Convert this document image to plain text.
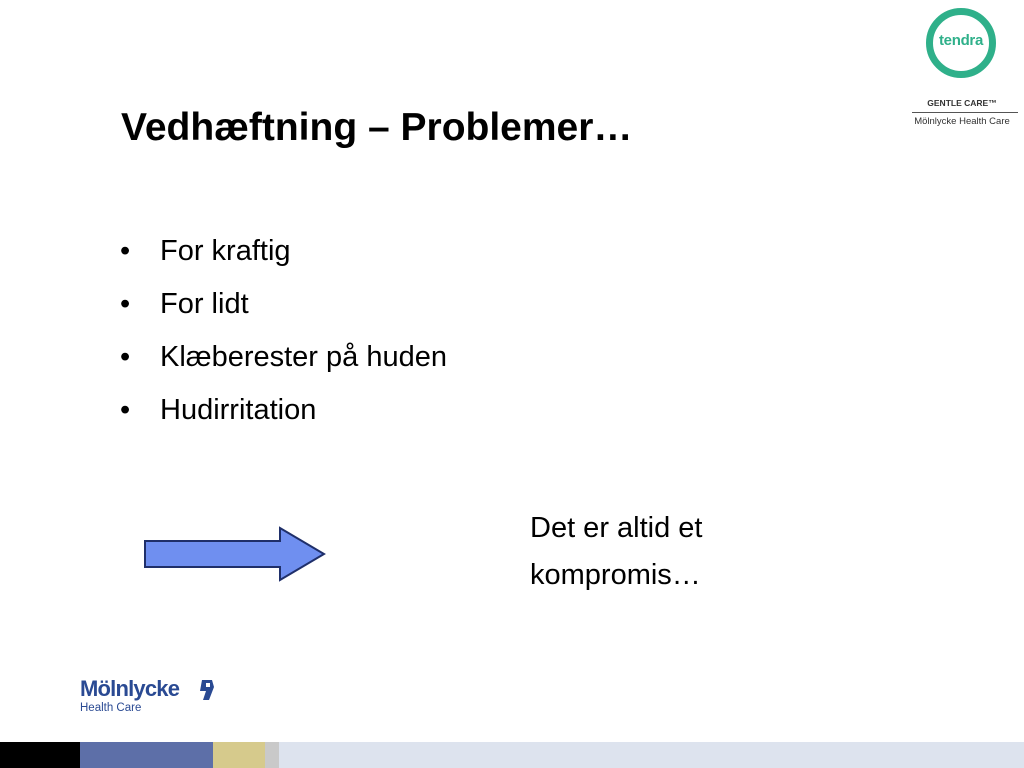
tendra
GENTLE CARE™
Mölnlycke Health Care
Vedhæftning – Problemer…
•	For kraftig
•	For lidt
•	Klæberester på huden
•	Hudirritation
Det er altid et
kompromis…
Mölnlycke
Health Care
